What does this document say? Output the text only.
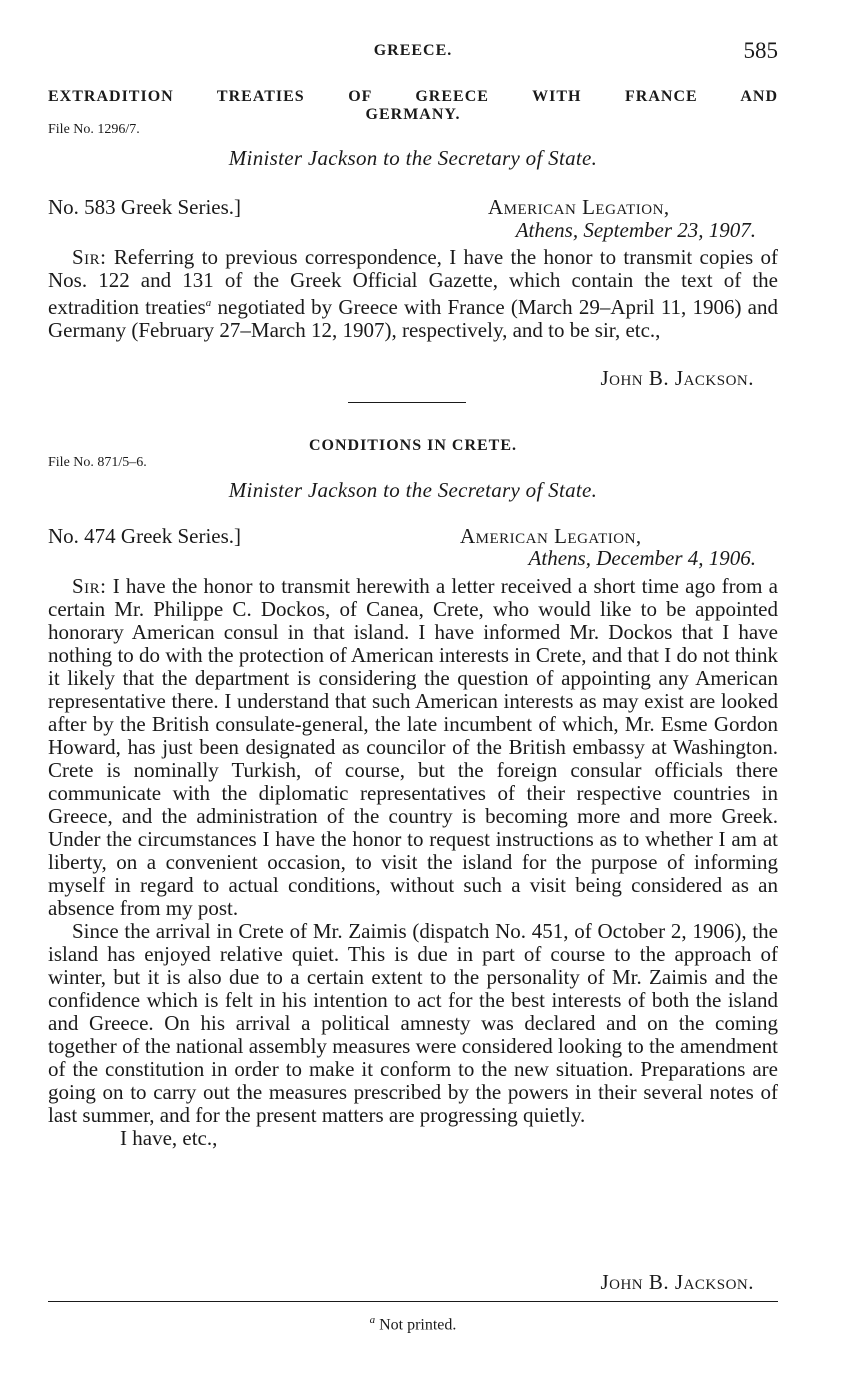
GREECE.	585
EXTRADITION TREATIES OF GREECE WITH FRANCE AND
GERMANY.
File No. 1296/7.
Minister Jackson to the Secretary of State.
No. 583 Greek Series.]	American Legation,
Athens, September 23, 1907.

Sir: Referring to previous correspondence, I have the honor to transmit copies of Nos. 122 and 131 of the Greek Official Gazette, which contain the text of the extradition treaties$^a$ negotiated by Greece with France (March 29–April 11, 1906) and Germany (February 27–March 12, 1907), respectively, and to be sir, etc.,

John B. Jackson.
CONDITIONS IN CRETE.
File No. 871/5–6.
Minister Jackson to the Secretary of State.
No. 474 Greek Series.]	American Legation,
Athens, December 4, 1906.

Sir: I have the honor to transmit herewith a letter received a short time ago from a certain Mr. Philippe C. Dockos, of Canea, Crete, who would like to be appointed honorary American consul in that island. I have informed Mr. Dockos that I have nothing to do with the protection of American interests in Crete, and that I do not think it likely that the department is considering the question of appointing any American representative there. I understand that such American interests as may exist are looked after by the British consulate-general, the late incumbent of which, Mr. Esme Gordon Howard, has just been designated as councilor of the British embassy at Washington. Crete is nominally Turkish, of course, but the foreign consular officials there communicate with the diplomatic representatives of their respective countries in Greece, and the administration of the country is becoming more and more Greek. Under the circumstances I have the honor to request instructions as to whether I am at liberty, on a convenient occasion, to visit the island for the purpose of informing myself in regard to actual conditions, without such a visit being considered as an absence from my post.

Since the arrival in Crete of Mr. Zaimis (dispatch No. 451, of October 2, 1906), the island has enjoyed relative quiet. This is due in part of course to the approach of winter, but it is also due to a certain extent to the personality of Mr. Zaimis and the confidence which is felt in his intention to act for the best interests of both the island and Greece. On his arrival a political amnesty was declared and on the coming together of the national assembly measures were considered looking to the amendment of the constitution in order to make it conform to the new situation. Preparations are going on to carry out the measures prescribed by the powers in their several notes of last summer, and for the present matters are progressing quietly.

I have, etc.,

John B. Jackson.
$^a$ Not printed.
